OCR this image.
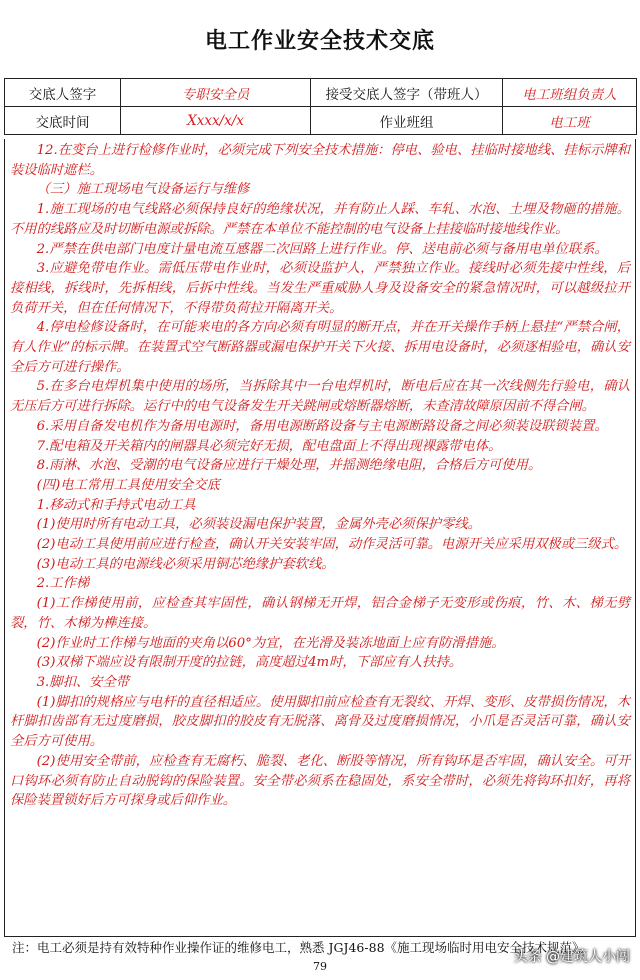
电工作业安全技术交底
交底人签字	专职安全员	接受交底人签字（带班人）	电工班组负责人
交底时间	Xxxx/x/x	作业班组	电工班

12.在变台上进行检修作业时，必须完成下列安全技术措施：停电、验电、挂临时接地线、挂标示牌和装设临时遮栏。

（三）施工现场电气设备运行与维修

1.施工现场的电气线路必须保持良好的绝缘状况，并有防止人踩、车轧、水泡、土埋及物砸的措施。不用的线路应及时切断电源或拆除。严禁在本单位不能控制的电气设备上挂接临时接地线作业。

2.严禁在供电部门电度计量电流互感器二次回路上进行作业。停、送电前必须与备用电单位联系。

3.应避免带电作业。需低压带电作业时，必须设监护人，严禁独立作业。接线时必须先接中性线，后接相线，拆线时，先拆相线，后拆中性线。当发生严重威胁人身及设备安全的紧急情况时，可以越级拉开负荷开关，但在任何情况下，不得带负荷拉开隔离开关。

4.停电检修设备时，在可能来电的各方向必须有明显的断开点，并在开关操作手柄上悬挂“严禁合闸，有人作业”的标示牌。在装置式空气断路器或漏电保护开关下火接、拆用电设备时，必须逐相验电，确认安全后方可进行操作。

5.在多台电焊机集中使用的场所，当拆除其中一台电焊机时，断电后应在其一次线侧先行验电，确认无压后方可进行拆除。运行中的电气设备发生开关跳闸或熔断器熔断，未查清故障原因前不得合闸。

6.采用自备发电机作为备用电源时，备用电源断路设备与主电源断路设备之间必须装设联锁装置。

7.配电箱及开关箱内的闸器具必须完好无损，配电盘面上不得出现裸露带电体。

8.雨淋、水泡、受潮的电气设备应进行干燥处理，并摇测绝缘电阻，合格后方可使用。

(四)电工常用工具使用安全交底

1.移动式和手持式电动工具

(1)使用时所有电动工具，必须装设漏电保护装置，金属外壳必须保护零线。

(2)电动工具使用前应进行检查，确认开关安装牢固，动作灵活可靠。电源开关应采用双极或三级式。

(3)电动工具的电源线必须采用铜芯绝缘护套软线。

2.工作梯

(1)工作梯使用前，应检查其牢固性，确认钢梯无开焊，铝合金梯子无变形或伤痕，竹、木、梯无劈裂，竹、木梯为榫连接。

(2)作业时工作梯与地面的夹角以60°为宜，在光滑及装冻地面上应有防滑措施。

(3)双梯下端应设有限制开度的拉链，高度超过4m时，下部应有人扶持。

3.脚扣、安全带

(1)脚扣的规格应与电杆的直径相适应。使用脚扣前应检查有无裂纹、开焊、变形、皮带损伤情况，木杆脚扣齿部有无过度磨损，胶皮脚扣的胶皮有无脱落、离骨及过度磨损情况，小爪是否灵活可靠，确认安全后方可使用。

(2)使用安全带前，应检查有无腐朽、脆裂、老化、断股等情况，所有钩环是否牢固，确认安全。可开口钩环必须有防止自动脱钩的保险装置。安全带必须系在稳固处，系安全带时，必须先将钩环扣好，再将保险装置锁好后方可探身或后仰作业。

注：电工必须是持有效特种作业操作证的维修电工，熟悉 JGJ46-88《施工现场临时用电安全技术规范》。
79
头条 @建筑人小闯
